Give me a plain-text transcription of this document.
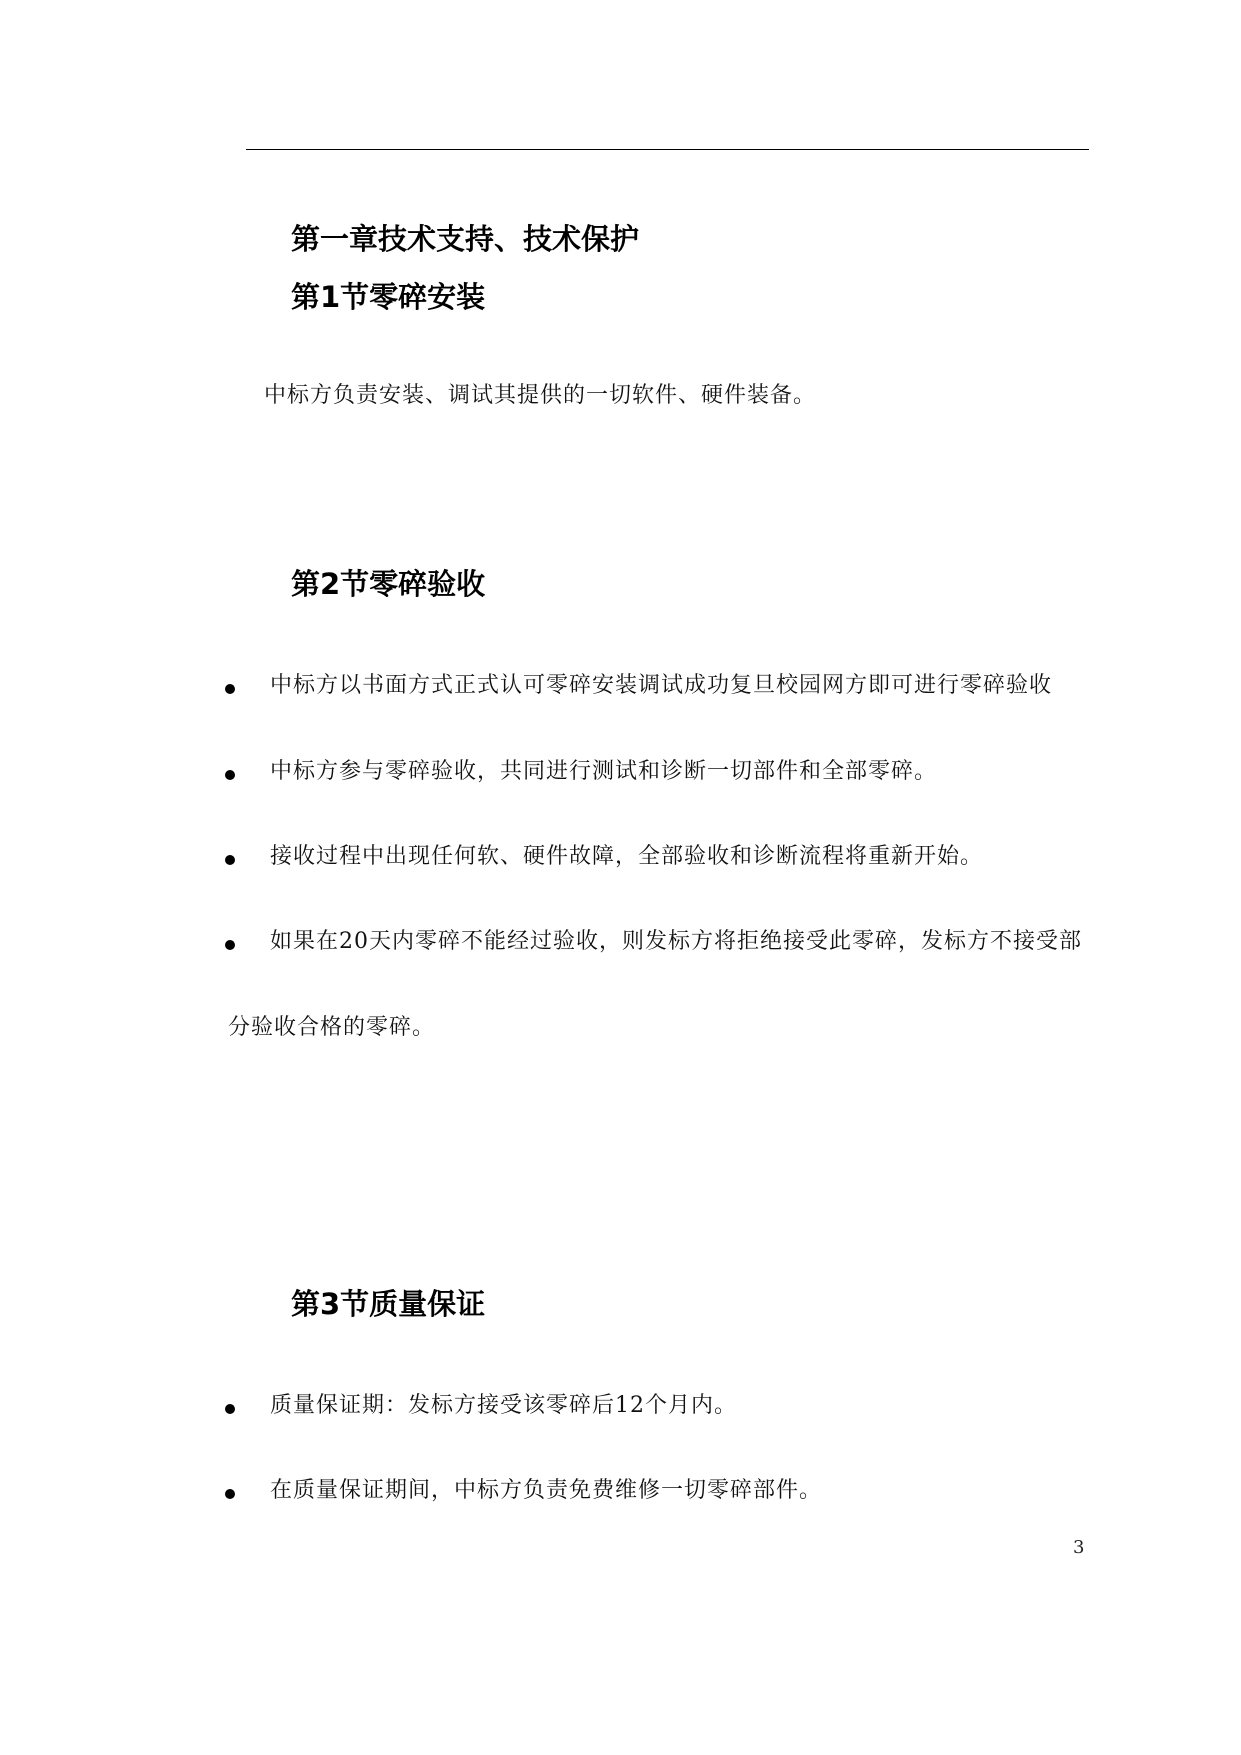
第一章技术支持、技术保护
第1节零碎安装
中标方负责安装、调试其提供的一切软件、硬件装备。
第2节零碎验收
中标方以书面方式正式认可零碎安装调试成功复旦校园网方即可进行零碎验收
中标方参与零碎验收，共同进行测试和诊断一切部件和全部零碎。
接收过程中出现任何软、硬件故障，全部验收和诊断流程将重新开始。
如果在20天内零碎不能经过验收，则发标方将拒绝接受此零碎，发标方不接受部
分验收合格的零碎。
第3节质量保证
质量保证期：发标方接受该零碎后12个月内。
在质量保证期间，中标方负责免费维修一切零碎部件。
3
